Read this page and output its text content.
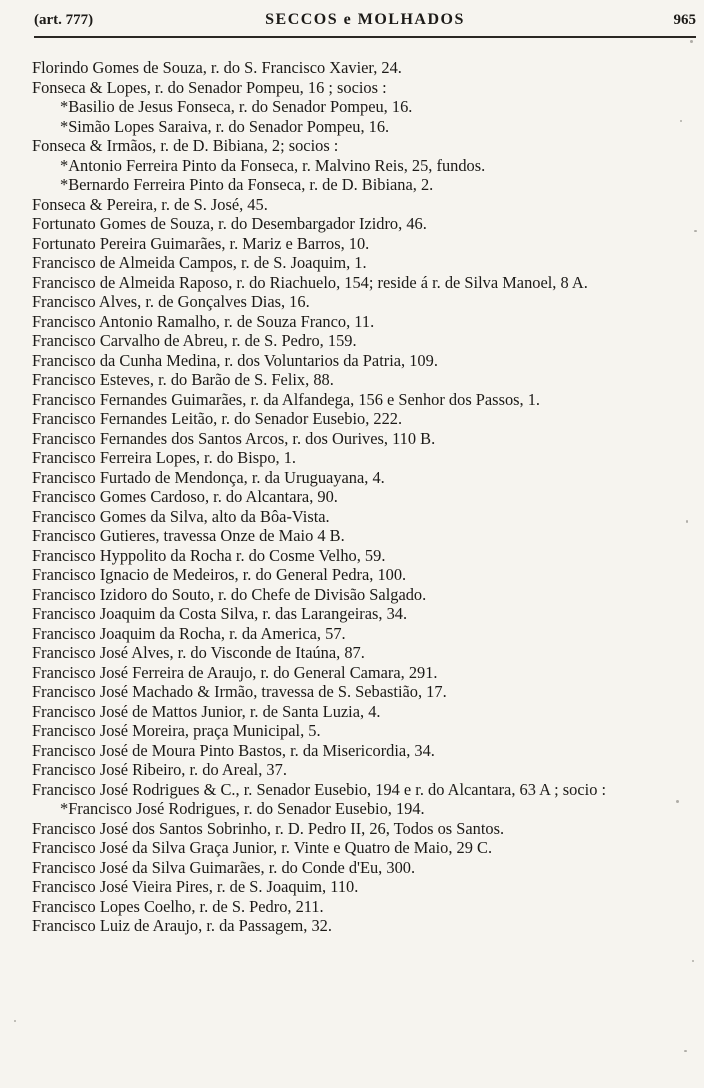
(art. 777)	SECCOS e MOLHADOS	965
Florindo Gomes de Souza, r. do S. Francisco Xavier, 24.
Fonseca & Lopes, r. do Senador Pompeu, 16 ; socios :
*Basilio de Jesus Fonseca, r. do Senador Pompeu, 16.
*Simão Lopes Saraiva, r. do Senador Pompeu, 16.
Fonseca & Irmãos, r. de D. Bibiana, 2; socios :
*Antonio Ferreira Pinto da Fonseca, r. Malvino Reis, 25, fundos.
*Bernardo Ferreira Pinto da Fonseca, r. de D. Bibiana, 2.
Fonseca & Pereira, r. de S. José, 45.
Fortunato Gomes de Souza, r. do Desembargador Izidro, 46.
Fortunato Pereira Guimarães, r. Mariz e Barros, 10.
Francisco de Almeida Campos, r. de S. Joaquim, 1.
Francisco de Almeida Raposo, r. do Riachuelo, 154; reside á r. de Silva Manoel, 8 A.
Francisco Alves, r. de Gonçalves Dias, 16.
Francisco Antonio Ramalho, r. de Souza Franco, 11.
Francisco Carvalho de Abreu, r. de S. Pedro, 159.
Francisco da Cunha Medina, r. dos Voluntarios da Patria, 109.
Francisco Esteves, r. do Barão de S. Felix, 88.
Francisco Fernandes Guimarães, r. da Alfandega, 156 e Senhor dos Passos, 1.
Francisco Fernandes Leitão, r. do Senador Eusebio, 222.
Francisco Fernandes dos Santos Arcos, r. dos Ourives, 110 B.
Francisco Ferreira Lopes, r. do Bispo, 1.
Francisco Furtado de Mendonça, r. da Uruguayana, 4.
Francisco Gomes Cardoso, r. do Alcantara, 90.
Francisco Gomes da Silva, alto da Bôa-Vista.
Francisco Gutieres, travessa Onze de Maio 4 B.
Francisco Hyppolito da Rocha r. do Cosme Velho, 59.
Francisco Ignacio de Medeiros, r. do General Pedra, 100.
Francisco Izidoro do Souto, r. do Chefe de Divisão Salgado.
Francisco Joaquim da Costa Silva, r. das Larangeiras, 34.
Francisco Joaquim da Rocha, r. da America, 57.
Francisco José Alves, r. do Visconde de Itaúna, 87.
Francisco José Ferreira de Araujo, r. do General Camara, 291.
Francisco José Machado & Irmão, travessa de S. Sebastião, 17.
Francisco José de Mattos Junior, r. de Santa Luzia, 4.
Francisco José Moreira, praça Municipal, 5.
Francisco José de Moura Pinto Bastos, r. da Misericordia, 34.
Francisco José Ribeiro, r. do Areal, 37.
Francisco José Rodrigues & C., r. Senador Eusebio, 194 e r. do Alcantara, 63 A ; socio :
*Francisco José Rodrigues, r. do Senador Eusebio, 194.
Francisco José dos Santos Sobrinho, r. D. Pedro II, 26, Todos os Santos.
Francisco José da Silva Graça Junior, r. Vinte e Quatro de Maio, 29 C.
Francisco José da Silva Guimarães, r. do Conde d'Eu, 300.
Francisco José Vieira Pires, r. de S. Joaquim, 110.
Francisco Lopes Coelho, r. de S. Pedro, 211.
Francisco Luiz de Araujo, r. da Passagem, 32.
